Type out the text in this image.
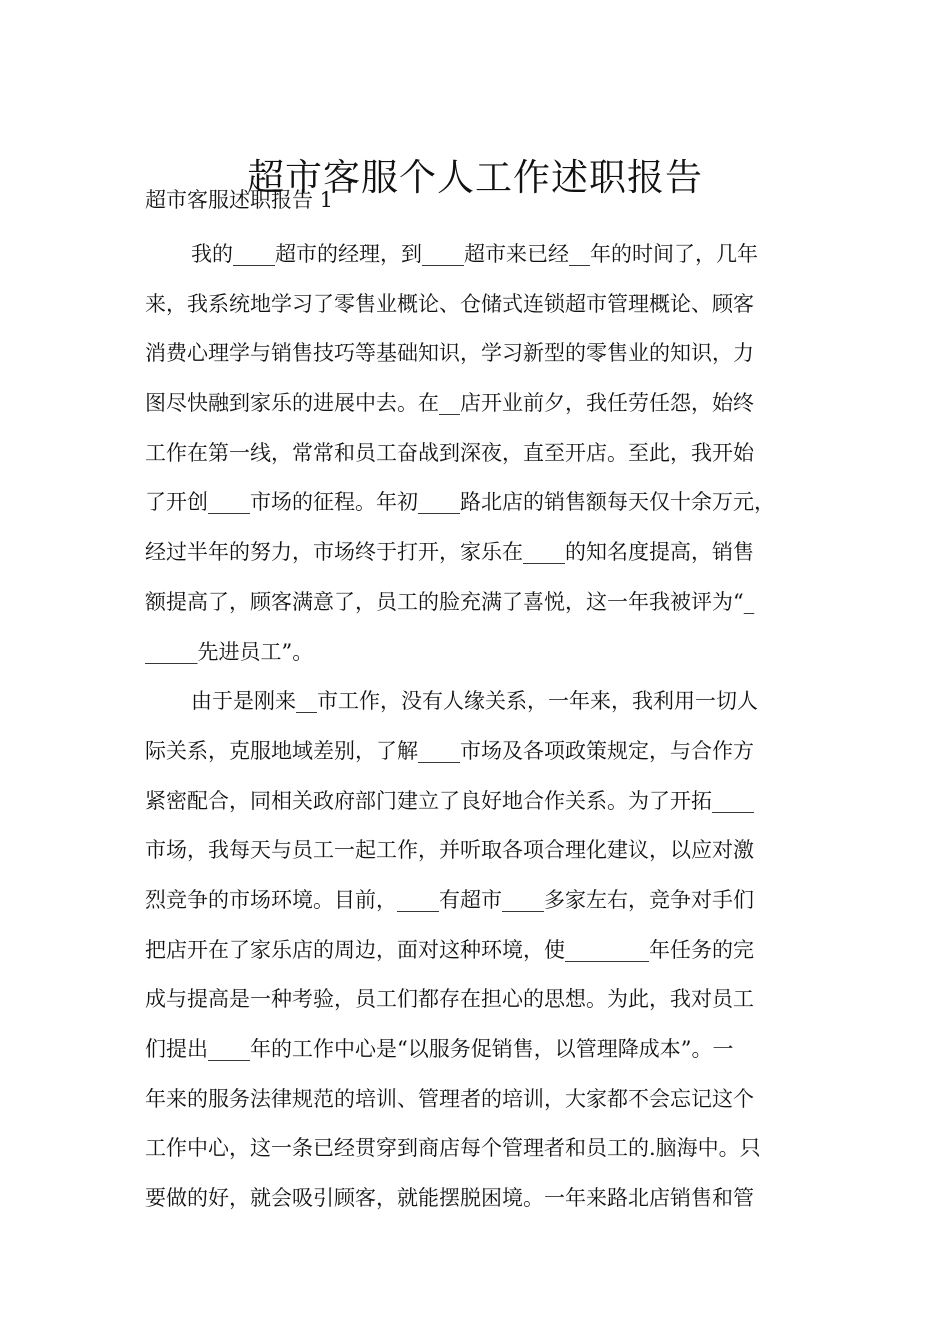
超市客服个人工作述职报告
超市客服述职报告 1
我的____超市的经理，到____超市来已经__年的时间了，几年
来，我系统地学习了零售业概论、仓储式连锁超市管理概论、顾客
消费心理学与销售技巧等基础知识，学习新型的零售业的知识，力
图尽快融到家乐的进展中去。在__店开业前夕，我任劳任怨，始终
工作在第一线，常常和员工奋战到深夜，直至开店。至此，我开始
了开创____市场的征程。年初____路北店的销售额每天仅十余万元，
经过半年的努力，市场终于打开，家乐在____的知名度提高，销售
额提高了，顾客满意了，员工的脸充满了喜悦，这一年我被评为“_
_____先进员工”。
由于是刚来__市工作，没有人缘关系，一年来，我利用一切人
际关系，克服地域差别，了解____市场及各项政策规定，与合作方
紧密配合，同相关政府部门建立了良好地合作关系。为了开拓____
市场，我每天与员工一起工作，并听取各项合理化建议，以应对激
烈竞争的市场环境。目前，____有超市____多家左右，竞争对手们
把店开在了家乐店的周边，面对这种环境，使________年任务的完
成与提高是一种考验，员工们都存在担心的思想。为此，我对员工
们提出____年的工作中心是“以服务促销售，以管理降成本”。一
年来的服务法律规范的培训、管理者的培训，大家都不会忘记这个
工作中心，这一条已经贯穿到商店每个管理者和员工的.脑海中。只
要做的好，就会吸引顾客，就能摆脱困境。一年来路北店销售和管
